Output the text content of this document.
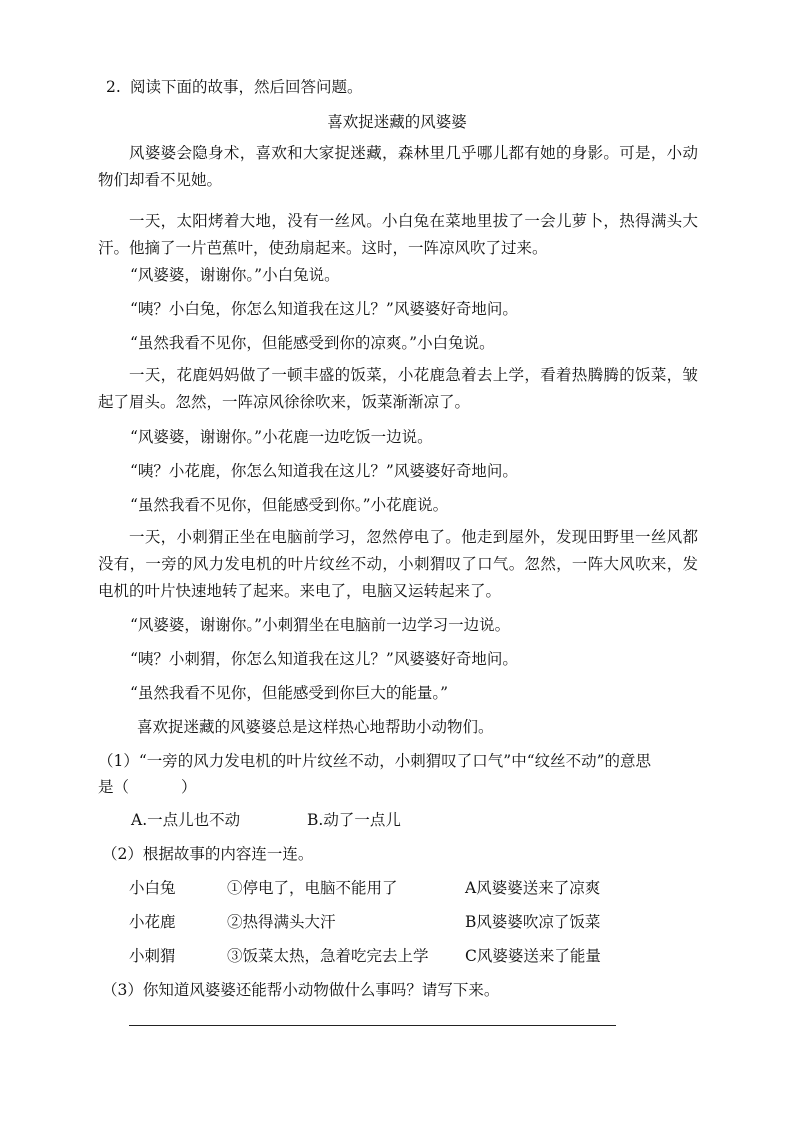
2. 阅读下面的故事，然后回答问题。
喜欢捉迷藏的风婆婆
风婆婆会隐身术，喜欢和大家捉迷藏，森林里几乎哪儿都有她的身影。可是，小动物们却看不见她。
一天，太阳烤着大地，没有一丝风。小白兔在菜地里拔了一会儿萝卜，热得满头大汗。他摘了一片芭蕉叶，使劲扇起来。这时，一阵凉风吹了过来。
“风婆婆，谢谢你。”小白兔说。
“咦？小白兔，你怎么知道我在这儿？”风婆婆好奇地问。
“虽然我看不见你，但能感受到你的凉爽。”小白兔说。
一天，花鹿妈妈做了一顿丰盛的饭菜，小花鹿急着去上学，看着热腾腾的饭菜，皱起了眉头。忽然，一阵凉风徐徐吹来，饭菜渐渐凉了。
“风婆婆，谢谢你。”小花鹿一边吃饭一边说。
“咦？小花鹿，你怎么知道我在这儿？”风婆婆好奇地问。
“虽然我看不见你，但能感受到你。”小花鹿说。
一天，小刺猬正坐在电脑前学习，忽然停电了。他走到屋外，发现田野里一丝风都没有，一旁的风力发电机的叶片纹丝不动，小刺猬叹了口气。忽然，一阵大风吹来，发电机的叶片快速地转了起来。来电了，电脑又运转起来了。
“风婆婆，谢谢你。”小刺猬坐在电脑前一边学习一边说。
“咦？小刺猬，你怎么知道我在这儿？”风婆婆好奇地问。
“虽然我看不见你，但能感受到你巨大的能量。”
喜欢捉迷藏的风婆婆总是这样热心地帮助小动物们。
（1）“一旁的风力发电机的叶片纹丝不动，小刺猬叹了口气”中“纹丝不动”的意思
是（	）
A.一点儿也不动	B.动了一点儿
（2）根据故事的内容连一连。
小白兔	①停电了，电脑不能用了	A风婆婆送来了凉爽
小花鹿	②热得满头大汗	B风婆婆吹凉了饭菜
小刺猬	③饭菜太热，急着吃完去上学 C风婆婆送来了能量
（3）你知道风婆婆还能帮小动物做什么事吗？请写下来。
